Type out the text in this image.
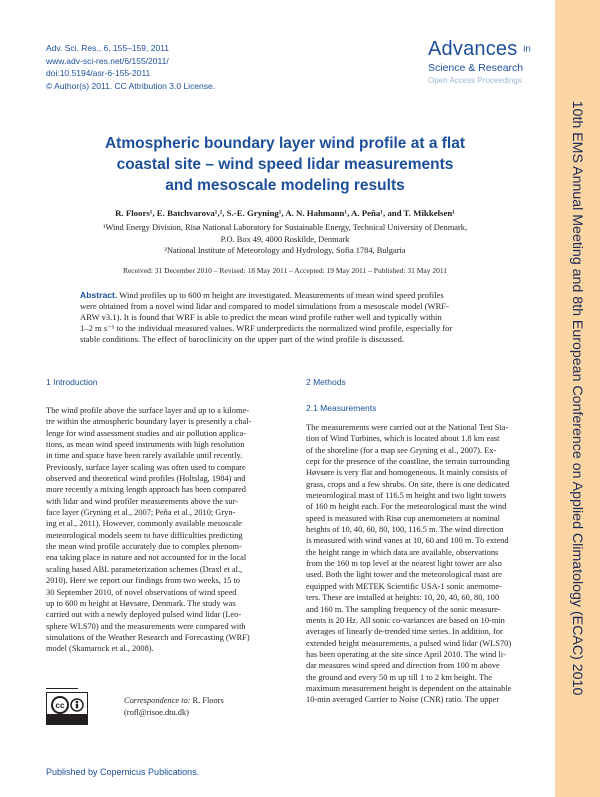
Adv. Sci. Res., 6, 155–159, 2011
www.adv-sci-res.net/6/155/2011/
doi:10.5194/asr-6-155-2011
© Author(s) 2011. CC Attribution 3.0 License.
Advances in
Science & Research
Open Access Proceedings
10th EMS Annual Meeting and 8th European Conference on Applied Climatology (ECAC) 2010
Atmospheric boundary layer wind profile at a flat
coastal site – wind speed lidar measurements
and mesoscale modeling results
R. Floors¹, E. Batchvarova¹,², S.-E. Gryning¹, A. N. Hahmann¹, A. Peña¹, and T. Mikkelsen¹
¹Wind Energy Division, Risø National Laboratory for Sustainable Energy, Technical University of Denmark,
P.O. Box 49, 4000 Roskilde, Denmark
²National Institute of Meteorology and Hydrology, Sofia 1784, Bulgaria
Received: 31 December 2010 – Revised: 18 May 2011 – Accepted: 19 May 2011 – Published: 31 May 2011
Abstract. Wind profiles up to 600 m height are investigated. Measurements of mean wind speed profiles
were obtained from a novel wind lidar and compared to model simulations from a mesoscale model (WRF-
ARW v3.1). It is found that WRF is able to predict the mean wind profile rather well and typically within
1–2 m s⁻¹ to the individual measured values. WRF underpredicts the normalized wind profile, especially for
stable conditions. The effect of baroclinicity on the upper part of the wind profile is discussed.
1 Introduction	2 Methods
2.1 Measurements
The wind profile above the surface layer and up to a kilome-
tre within the atmospheric boundary layer is presently a chal-
lenge for wind assessment studies and air pollution applica-
tions, as mean wind speed instruments with high resolution
in time and space have been rarely available until recently.
Previously, surface layer scaling was often used to compare
observed and theoretical wind profiles (Holtslag, 1984) and
more recently a mixing length approach has been compared
with lidar and wind profiler measurements above the sur-
face layer (Gryning et al., 2007; Peña et al., 2010; Gryn-
ing et al., 2011). However, commonly available mesoscale
meteorological models seem to have difficulties predicting
the mean wind profile accurately due to complex phenom-
ena taking place in nature and not accounted for in the local
scaling based ABL parameterization schemes (Draxl et al.,
2010). Here we report our findings from two weeks, 15 to
30 September 2010, of novel observations of wind speed
up to 600 m height at Høvsøre, Denmark. The study was
carried out with a newly deployed pulsed wind lidar (Leo-
sphere WLS70) and the measurements were compared with
simulations of the Weather Research and Forecasting (WRF)
model (Skamarock et al., 2008).
The measurements were carried out at the National Test Sta-
tion of Wind Turbines, which is located about 1.8 km east
of the shoreline (for a map see Gryning et al., 2007). Ex-
cept for the presence of the coastline, the terrain surrounding
Høvsøre is very flat and homogeneous. It mainly consists of
grass, crops and a few shrubs. On site, there is one dedicated
meteorological mast of 116.5 m height and two light towers
of 160 m height each. For the meteorological mast the wind
speed is measured with Risø cup anemometers at nominal
heights of 10, 40, 60, 80, 100, 116.5 m. The wind direction
is measured with wind vanes at 10, 60 and 100 m. To extend
the height range in which data are available, observations
from the 160 m top level at the nearest light tower are also
used. Both the light tower and the meteorological mast are
equipped with METEK Scientific USA-1 sonic anemome-
ters. These are installed at heights: 10, 20, 40, 60, 80, 100
and 160 m. The sampling frequency of the sonic measure-
ments is 20 Hz. All sonic co-variances are based on 10-min
averages of linearly de-trended time series. In addition, for
extended height measurements, a pulsed wind lidar (WLS70)
has been operating at the site since April 2010. The wind li-
dar measures wind speed and direction from 100 m above
the ground and every 50 m up till 1 to 2 km height. The
maximum measurement height is dependent on the attainable
10-min averaged Carrier to Noise (CNR) ratio. The upper
cc
Correspondence to: R. Floors
(rofl@risoe.dtu.dk)
Published by Copernicus Publications.
